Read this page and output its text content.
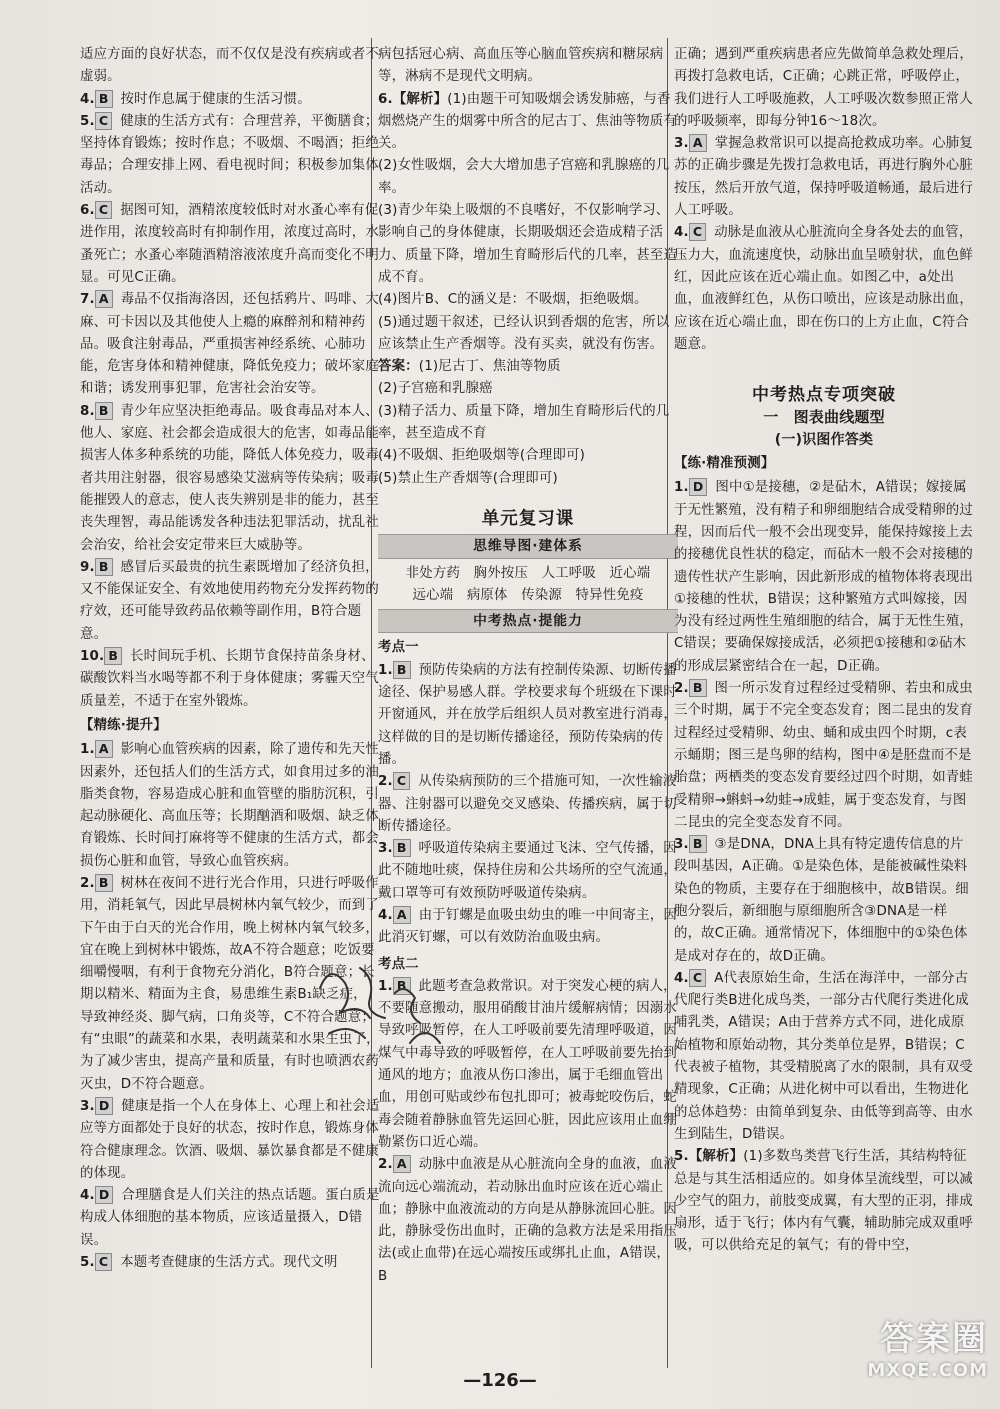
适应方面的良好状态，而不仅仅是没有疾病或者不虚弱。
4. B 按时作息属于健康的生活习惯。
5. C 健康的生活方式有：合理营养，平衡膳食；坚持体育锻炼；按时作息；不吸烟、不喝酒；拒绝毒品；合理安排上网、看电视时间；积极参加集体活动。
6. C 据图可知，酒精浓度较低时对水蚤心率有促进作用，浓度较高时有抑制作用，浓度过高时，水蚤死亡；水蚤心率随酒精溶液浓度升高而变化不明显。可见C正确。
7. A 毒品不仅指海洛因，还包括鸦片、吗啡、大麻、可卡因以及其他使人上瘾的麻醉剂和精神药品。吸食注射毒品，严重损害神经系统、心肺功能，危害身体和精神健康，降低免疫力；破坏家庭和谐；诱发刑事犯罪，危害社会治安等。
8. B 青少年应坚决拒绝毒品。吸食毒品对本人、他人、家庭、社会都会造成很大的危害，如毒品能损害人体多种系统的功能，降低人体免疫力，吸毒者共用注射器，很容易感染艾滋病等传染病；吸毒能摧毁人的意志，使人丧失辨别是非的能力，甚至丧失理智，毒品能诱发各种违法犯罪活动，扰乱社会治安，给社会安定带来巨大威胁等。
9. B 感冒后买最贵的抗生素既增加了经济负担，又不能保证安全、有效地使用药物充分发挥药物的疗效，还可能导致药品依赖等副作用，B符合题意。
10. B 长时间玩手机、长期节食保持苗条身材、碳酸饮料当水喝等都不利于身体健康；雾霾天空气质量差，不适于在室外锻炼。
【精练·提升】
1. A 影响心血管疾病的因素，除了遗传和先天性因素外，还包括人们的生活方式，如食用过多的油脂类食物，容易造成心脏和血管壁的脂肪沉积，引起动脉硬化、高血压等；长期酗酒和吸烟、缺乏体育锻炼、长时间打麻将等不健康的生活方式，都会损伤心脏和血管，导致心血管疾病。
2. B 树林在夜间不进行光合作用，只进行呼吸作用，消耗氧气，因此早晨树林内氧气较少，而到了下午由于白天的光合作用，晚上树林内氧气较多，宜在晚上到树林中锻炼，故A不符合题意；吃饭要细嚼慢咽，有利于食物充分消化，B符合题意；长期以精米、精面为主食，易患维生素B₁缺乏症，导致神经炎、脚气病，口角炎等，C不符合题意；有“虫眼”的蔬菜和水果，表明蔬菜和水果生虫了，为了减少害虫，提高产量和质量，有时也喷洒农药灭虫，D不符合题意。
3. D 健康是指一个人在身体上、心理上和社会适应等方面都处于良好的状态，按时作息，锻炼身体符合健康理念。饮酒、吸烟、暴饮暴食都是不健康的体现。
4. D 合理膳食是人们关注的热点话题。蛋白质是构成人体细胞的基本物质，应该适量摄入，D错误。
5. C 本题考查健康的生活方式。现代文明
病包括冠心病、高血压等心脑血管疾病和糖尿病等，淋病不是现代文明病。
6.【解析】(1)由题干可知吸烟会诱发肺癌，与香烟燃烧产生的烟雾中所含的尼古丁、焦油等物质有关。
(2)女性吸烟，会大大增加患子宫癌和乳腺癌的几率。
(3)青少年染上吸烟的不良嗜好，不仅影响学习、影响自己的身体健康，长期吸烟还会造成精子活力、质量下降，增加生育畸形后代的几率，甚至造成不育。
(4)图片B、C的涵义是：不吸烟，拒绝吸烟。
(5)通过题干叙述，已经认识到香烟的危害，所以应该禁止生产香烟等。没有买卖，就没有伤害。
答案：(1)尼古丁、焦油等物质
(2)子宫癌和乳腺癌
(3)精子活力、质量下降，增加生育畸形后代的几率，甚至造成不育
(4)不吸烟、拒绝吸烟等(合理即可)
(5)禁止生产香烟等(合理即可)
单元复习课
思维导图·建体系
非处方药　胸外按压　人工呼吸　近心端
远心端　病原体　传染源　特异性免疫
中考热点·提能力
考点一
1. B 预防传染病的方法有控制传染源、切断传播途径、保护易感人群。学校要求每个班级在下课时开窗通风，并在放学后组织人员对教室进行消毒，这样做的目的是切断传播途径，预防传染病的传播。
2. C 从传染病预防的三个措施可知，一次性输液器、注射器可以避免交叉感染、传播疾病，属于切断传播途径。
3. B 呼吸道传染病主要通过飞沫、空气传播，因此不随地吐痰，保持住房和公共场所的空气流通，戴口罩等可有效预防呼吸道传染病。
4. A 由于钉螺是血吸虫幼虫的唯一中间寄主，因此消灭钉螺，可以有效防治血吸虫病。
考点二
1. B 此题考查急救常识。对于突发心梗的病人，不要随意搬动，服用硝酸甘油片缓解病情；因溺水导致呼吸暂停，在人工呼吸前要先清理呼吸道，因煤气中毒导致的呼吸暂停，在人工呼吸前要先抬到通风的地方；血液从伤口渗出，属于毛细血管出血，用创可贴或纱布包扎即可；被毒蛇咬伤后，蛇毒会随着静脉血管先运回心脏，因此应该用止血绷勒紧伤口近心端。
2. A 动脉中血液是从心脏流向全身的血液，血液流向远心端流动，若动脉出血时应该在近心端止血；静脉中血液流动的方向是从静脉流回心脏。因此，静脉受伤出血时，正确的急救方法是采用指压法(或止血带)在远心端按压或绑扎止血，A错误，B
正确；遇到严重疾病患者应先做简单急救处理后，再拨打急救电话，C正确；心跳正常，呼吸停止，我们进行人工呼吸施救，人工呼吸次数参照正常人的呼吸频率，即每分钟16～18次。
3. A 掌握急救常识可以提高抢救成功率。心肺复苏的正确步骤是先拨打急救电话，再进行胸外心脏按压，然后开放气道，保持呼吸道畅通，最后进行人工呼吸。
4. C 动脉是血液从心脏流向全身各处去的血管，压力大，血流速度快，动脉出血呈喷射状，血色鲜红，因此应该在近心端止血。如图乙中，a处出血，血液鲜红色，从伤口喷出，应该是动脉出血，应该在近心端止血，即在伤口的上方止血，C符合题意。
中考热点专项突破
一　图表曲线题型
(一)识图作答类
【练·精准预测】
1. D 图中①是接穗，②是砧木，A错误；嫁接属于无性繁殖，没有精子和卵细胞结合成受精卵的过程，因而后代一般不会出现变异，能保持嫁接上去的接穗优良性状的稳定，而砧木一般不会对接穗的遗传性状产生影响，因此新形成的植物体将表现出①接穗的性状，B错误；这种繁殖方式叫嫁接，因为没有经过两性生殖细胞的结合，属于无性生殖，C错误；要确保嫁接成活，必须把①接穗和②砧木的形成层紧密结合在一起，D正确。
2. B 图一所示发育过程经过受精卵、若虫和成虫三个时期，属于不完全变态发育；图二昆虫的发育过程经过受精卵、幼虫、蛹和成虫四个时期，c表示蛹期；图三是鸟卵的结构，图中④是胚盘而不是胎盘；两栖类的变态发育要经过四个时期，如青蛙受精卵→蝌蚪→幼蛙→成蛙，属于变态发育，与图二昆虫的完全变态发育不同。
3. B ③是DNA，DNA上具有特定遗传信息的片段叫基因，A正确。①是染色体，是能被碱性染料染色的物质，主要存在于细胞核中，故B错误。细胞分裂后，新细胞与原细胞所含③DNA是一样的，故C正确。通常情况下，体细胞中的①染色体是成对存在的，故D正确。
4. C A代表原始生命，生活在海洋中，一部分古代爬行类B进化成鸟类，一部分古代爬行类进化成哺乳类，A错误；A由于营养方式不同，进化成原始植物和原始动物，其分类单位是界，B错误；C代表被子植物，其受精脱离了水的限制，具有双受精现象，C正确；从进化树中可以看出，生物进化的总体趋势：由简单到复杂、由低等到高等、由水生到陆生，D错误。
5.【解析】(1)多数鸟类营飞行生活，其结构特征总是与其生活相适应的。如身体呈流线型，可以减少空气的阻力，前肢变成翼，有大型的正羽，排成扇形，适于飞行；体内有气囊，辅助肺完成双重呼吸，可以供给充足的氧气；有的骨中空，
—126—
答案圈
MXQE.COM
